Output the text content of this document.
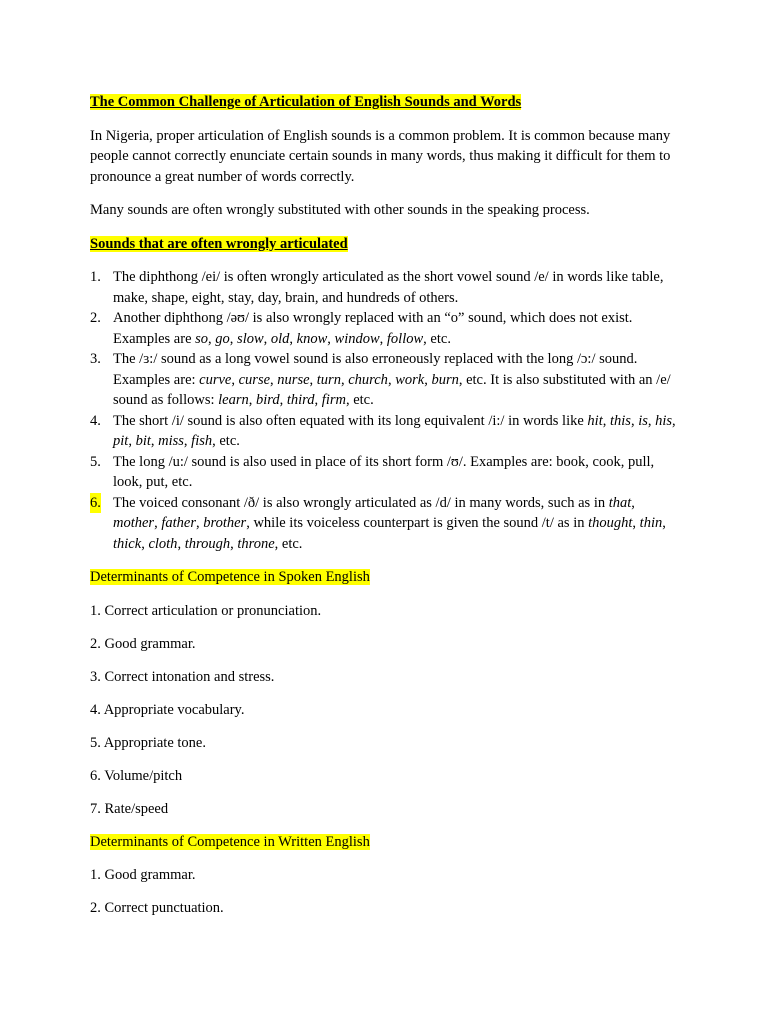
The Common Challenge of Articulation of English Sounds and Words

In Nigeria, proper articulation of English sounds is a common problem. It is common because many people cannot correctly enunciate certain sounds in many words, thus making it difficult for them to pronounce a great number of words correctly.

Many sounds are often wrongly substituted with other sounds in the speaking process.

Sounds that are often wrongly articulated

1. The diphthong /ei/ is often wrongly articulated as the short vowel sound /e/ in words like table, make, shape, eight, stay, day, brain, and hundreds of others.
2. Another diphthong /əʊ/ is also wrongly replaced with an “o” sound, which does not exist. Examples are so, go, slow, old, know, window, follow, etc.
3. The /ɜ:/ sound as a long vowel sound is also erroneously replaced with the long /ɔ:/ sound. Examples are: curve, curse, nurse, turn, church, work, burn, etc. It is also substituted with an /e/ sound as follows: learn, bird, third, firm, etc.
4. The short /i/ sound is also often equated with its long equivalent /i:/ in words like hit, this, is, his, pit, bit, miss, fish, etc.
5. The long /u:/ sound is also used in place of its short form /ʊ/. Examples are: book, cook, pull, look, put, etc.
6. The voiced consonant /ð/ is also wrongly articulated as /d/ in many words, such as in that, mother, father, brother, while its voiceless counterpart is given the sound /t/ as in thought, thin, thick, cloth, through, throne, etc.

Determinants of Competence in Spoken English

1. Correct articulation or pronunciation.

2. Good grammar.

3. Correct intonation and stress.

4. Appropriate vocabulary.

5. Appropriate tone.

6. Volume/pitch

7. Rate/speed

Determinants of Competence in Written English

1. Good grammar.

2. Correct punctuation.
